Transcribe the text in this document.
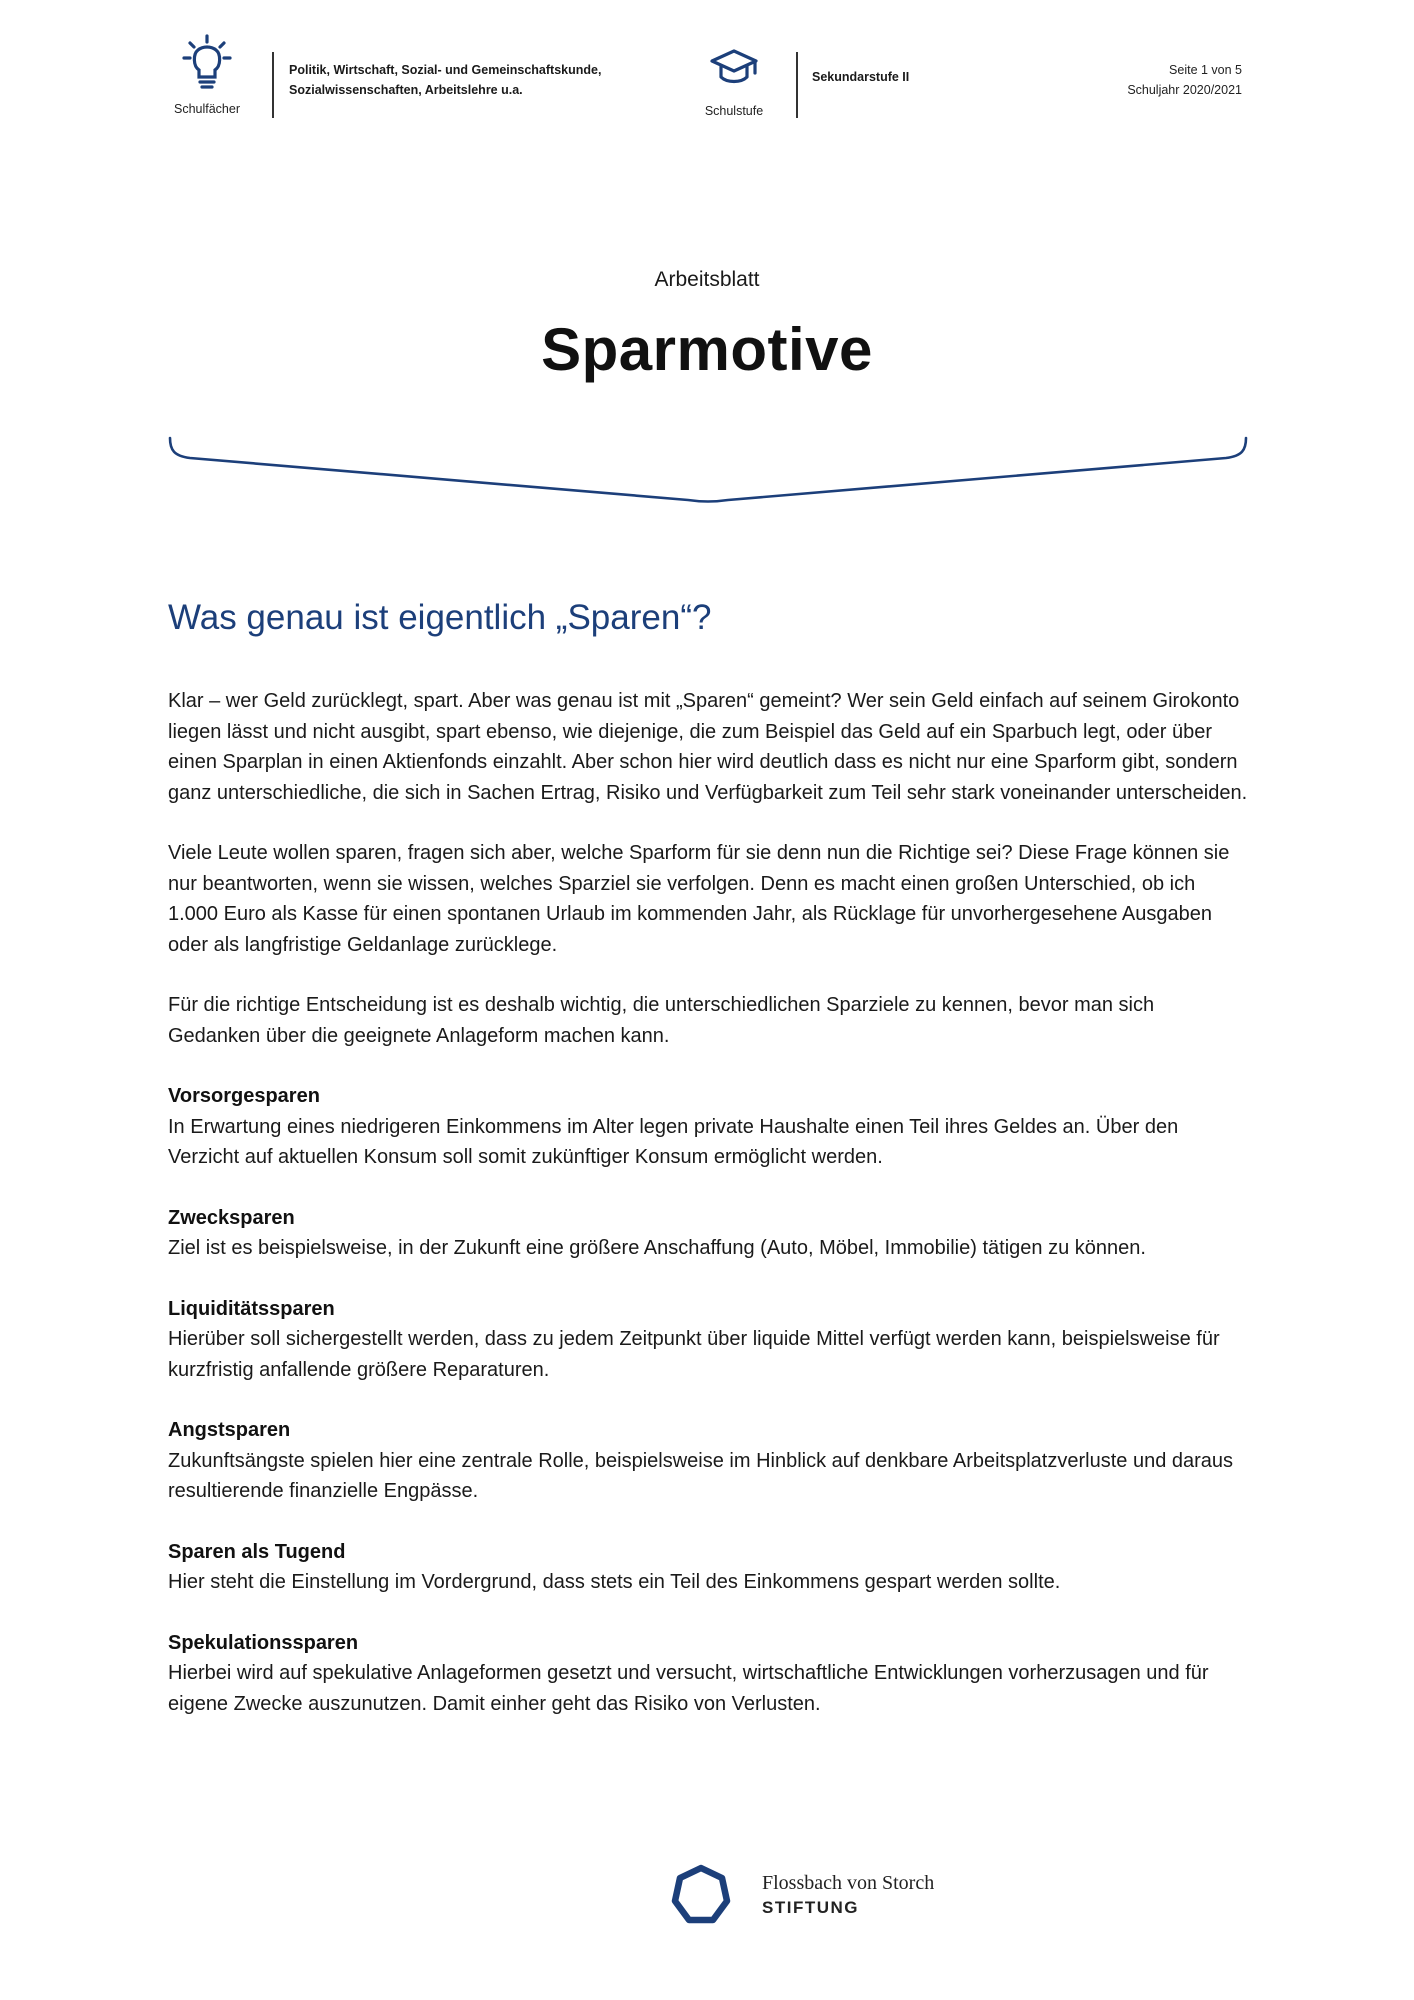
Schulfächer
Politik, Wirtschaft, Sozial- und Gemeinschaftskunde,
Sozialwissenschaften, Arbeitslehre u.a.
Schulstufe
Sekundarstufe II	Seite 1 von 5
Schuljahr 2020/2021
Arbeitsblatt
Sparmotive
Was genau ist eigentlich „Sparen“?

Klar – wer Geld zurücklegt, spart. Aber was genau ist mit „Sparen“ gemeint? Wer sein Geld einfach auf seinem Girokonto liegen lässt und nicht ausgibt, spart ebenso, wie diejenige, die zum Beispiel das Geld auf ein Sparbuch legt, oder über einen Sparplan in einen Aktienfonds einzahlt. Aber schon hier wird deutlich dass es nicht nur eine Sparform gibt, sondern ganz unterschiedliche, die sich in Sachen Ertrag, Risiko und Verfügbarkeit zum Teil sehr stark voneinander unterscheiden.

Viele Leute wollen sparen, fragen sich aber, welche Sparform für sie denn nun die Richtige sei? Diese Frage können sie nur beantworten, wenn sie wissen, welches Sparziel sie verfolgen. Denn es macht einen großen Unterschied, ob ich 1.000 Euro als Kasse für einen spontanen Urlaub im kommenden Jahr, als Rücklage für unvorhergesehene Ausgaben oder als langfristige Geldanlage zurücklege.

Für die richtige Entscheidung ist es deshalb wichtig, die unterschiedlichen Sparziele zu kennen, bevor man sich Gedanken über die geeignete Anlageform machen kann.

Vorsorgesparen
In Erwartung eines niedrigeren Einkommens im Alter legen private Haushalte einen Teil ihres Geldes an. Über den Verzicht auf aktuellen Konsum soll somit zukünftiger Konsum ermöglicht werden.
Zwecksparen
Ziel ist es beispielsweise, in der Zukunft eine größere Anschaffung (Auto, Möbel, Immobilie) tätigen zu können.
Liquiditätssparen
Hierüber soll sichergestellt werden, dass zu jedem Zeitpunkt über liquide Mittel verfügt werden kann, beispielsweise für kurzfristig anfallende größere Reparaturen.
Angstsparen
Zukunftsängste spielen hier eine zentrale Rolle, beispielsweise im Hinblick auf denkbare Arbeitsplatzverluste und daraus resultierende finanzielle Engpässe.
Sparen als Tugend
Hier steht die Einstellung im Vordergrund, dass stets ein Teil des Einkommens gespart werden sollte.
Spekulationssparen
Hierbei wird auf spekulative Anlageformen gesetzt und versucht, wirtschaftliche Entwicklungen vorherzusagen und für eigene Zwecke auszunutzen. Damit einher geht das Risiko von Verlusten.
Flossbach von Storch
STIFTUNG
